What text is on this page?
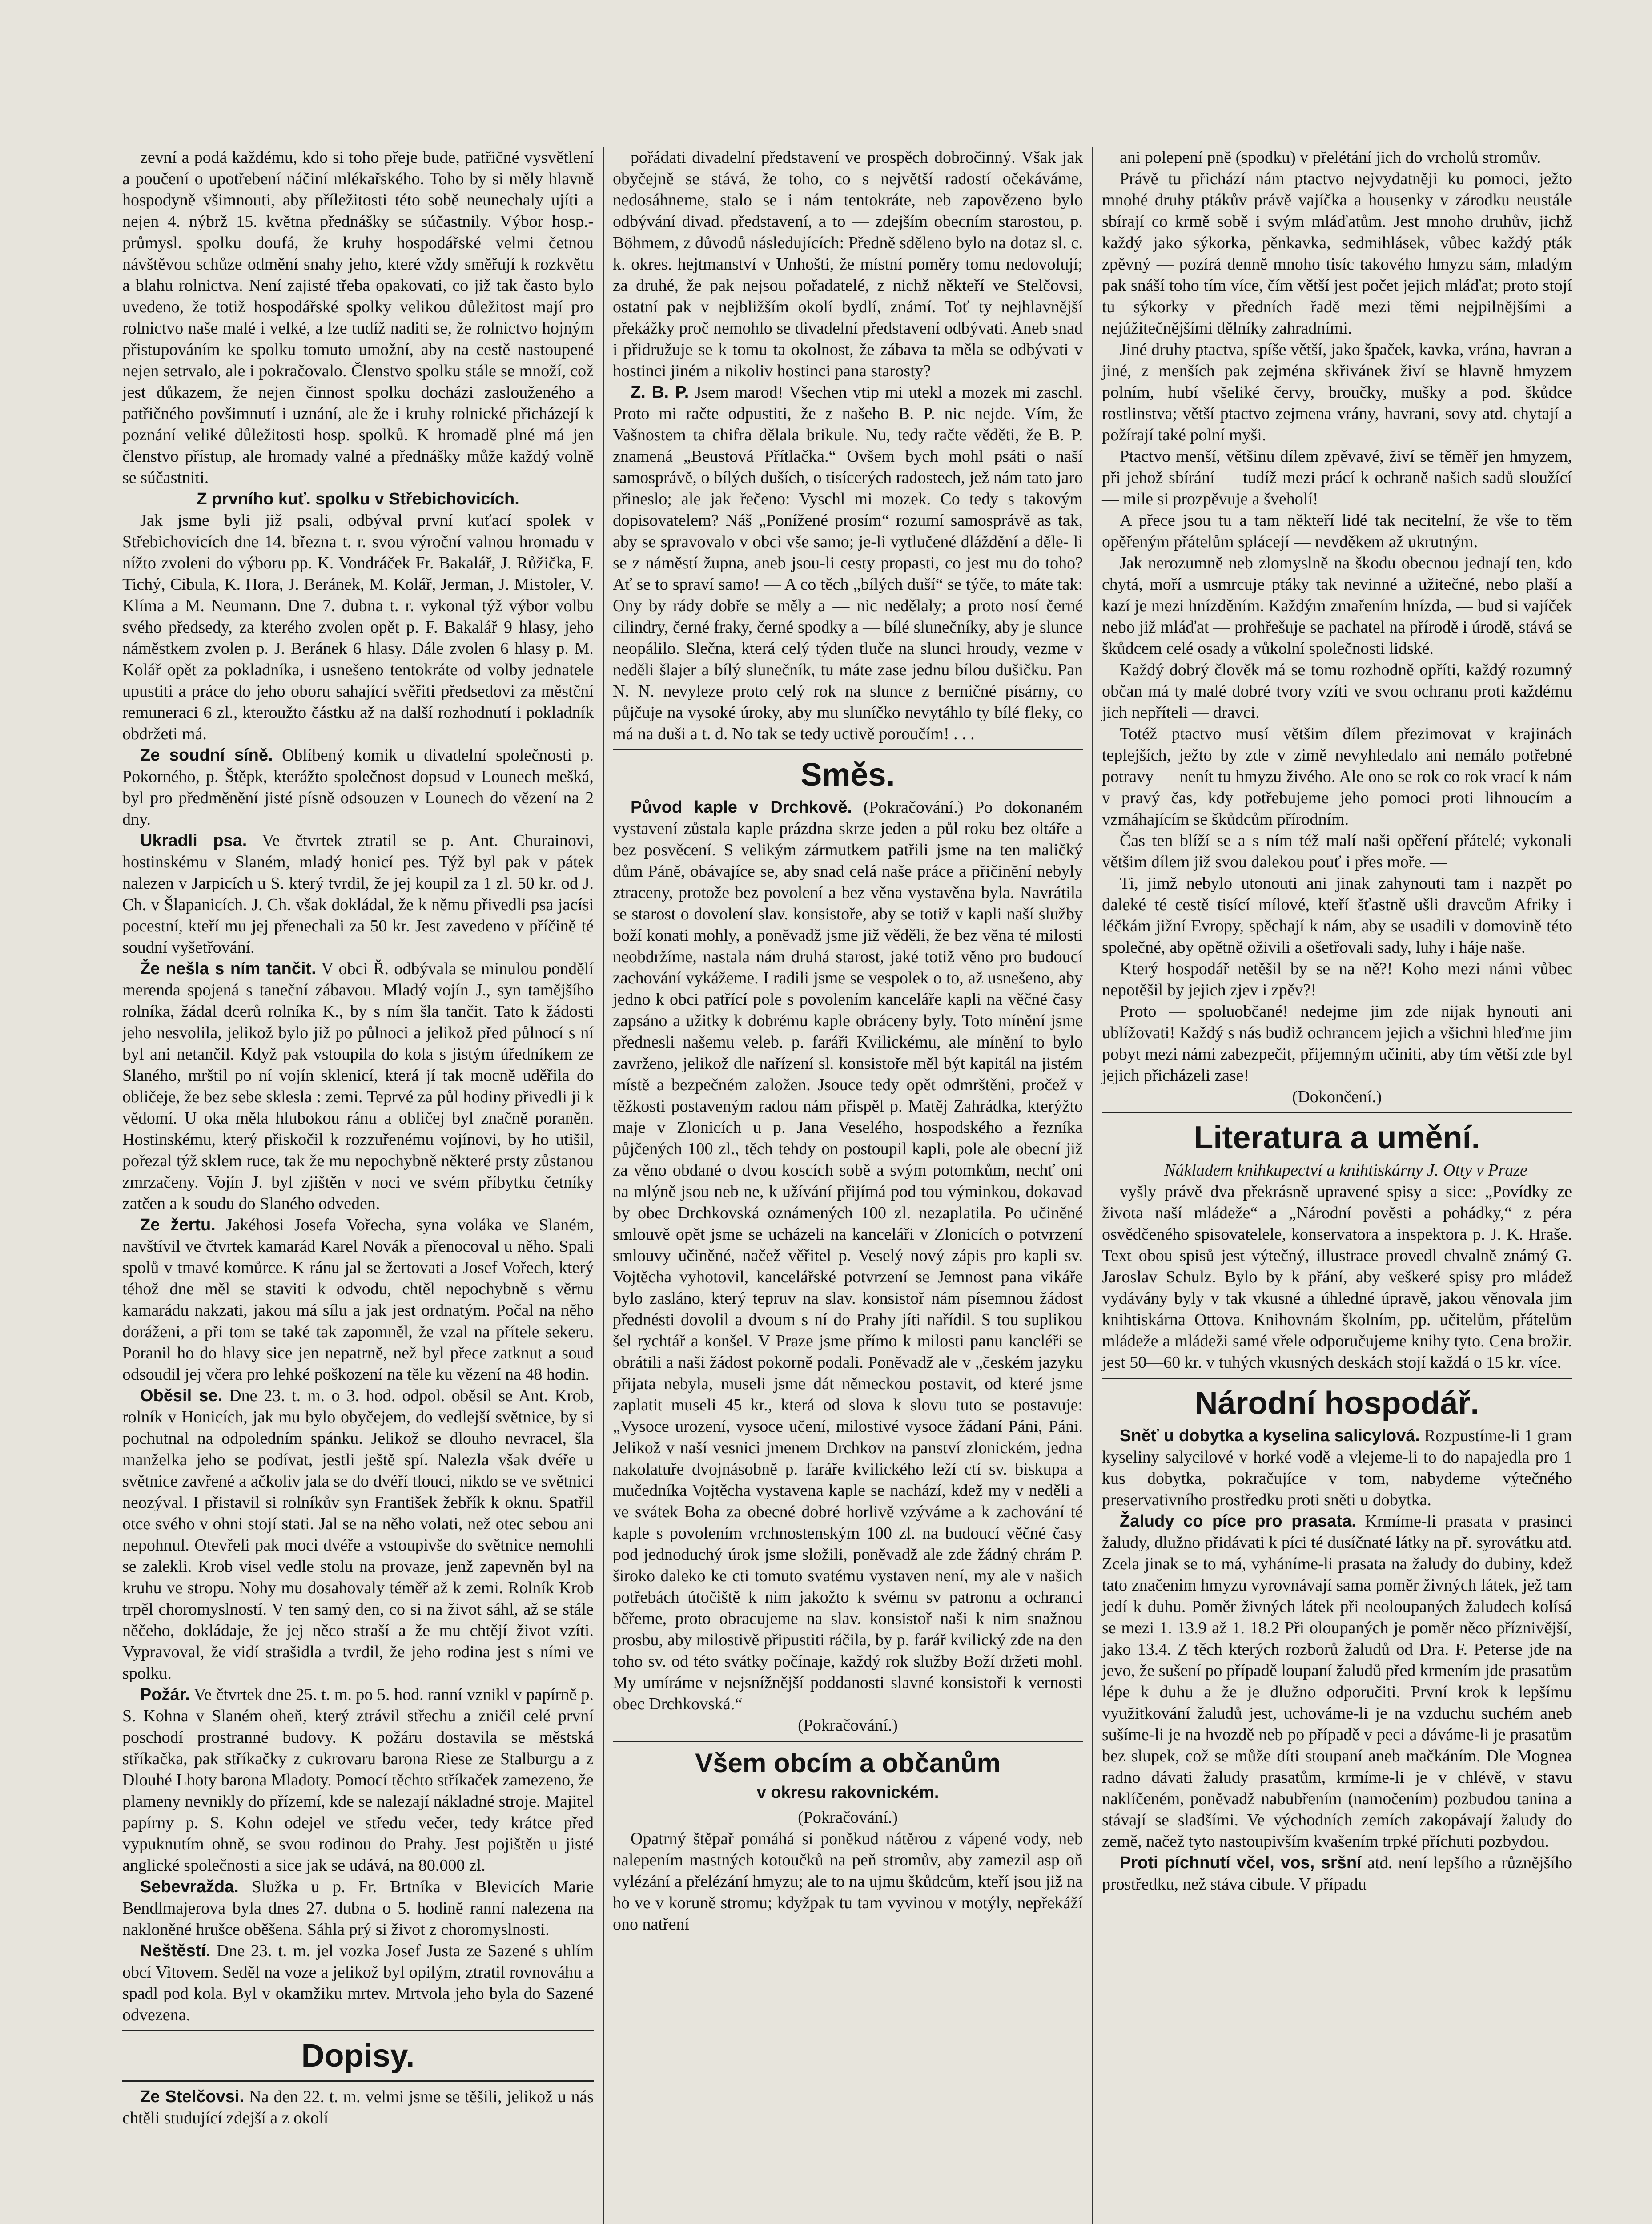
zevní a podá každému, kdo si toho přeje bude, patřičné vysvětlení a poučení o upotřebení náčiní mlékařského. Toho by si měly hlavně hospodyně všimnouti, aby příležitosti této sobě neunechaly ujíti a nejen 4. nýbrž 15. května přednášky se súčastnily. Výbor hosp.-průmysl. spolku doufá, že kruhy hospodářské velmi četnou návštěvou schůze odmění snahy jeho, které vždy směřují k rozkvětu a blahu rolnictva. Není zajisté třeba opakovati, co již tak často bylo uvedeno, že totiž hospodářské spolky velikou důležitost mají pro rolnictvo naše malé i velké, a lze tudíž naditi se, že rolnictvo hojným přistupováním ke spolku tomuto umožní, aby na cestě nastoupené nejen setrvalo, ale i pokračovalo. Členstvo spolku stále se množí, což jest důkazem, že nejen činnost spolku docházi zaslouženého a patřičného povšimnutí i uznání, ale že i kruhy rolnické přicházejí k poznání veliké důležitosti hosp. spolků. K hromadě plné má jen členstvo přístup, ale hromady valné a přednášky může každý volně se súčastniti.

Z prvního kuť. spolku v Střebichovicích.

Jak jsme byli již psali, odbýval první kuťací spolek v Střebichovicích dne 14. března t. r. svou výroční valnou hromadu v nížto zvoleni do výboru pp. K. Vondráček Fr. Bakalář, J. Růžička, F. Tichý, Cibula, K. Hora, J. Beránek, M. Kolář, Jerman, J. Mistoler, V. Klíma a M. Neumann. Dne 7. dubna t. r. vykonal týž výbor volbu svého předsedy, za kterého zvolen opět p. F. Bakalář 9 hlasy, jeho náměstkem zvolen p. J. Beránek 6 hlasy. Dále zvolen 6 hlasy p. M. Kolář opět za pokladníka, i usnešeno tentokráte od volby jednatele upustiti a práce do jeho oboru sahající svěřiti předsedovi za městční remuneraci 6 zl., kteroužto částku až na další rozhodnutí i pokladník obdržeti má.

Ze soudní síně. Oblíbený komik u divadelní společnosti p. Pokorného, p. Štěpk, kterážto společnost dopsud v Lounech mešká, byl pro předměnění jisté písně odsouzen v Lounech do vězení na 2 dny.

Ukradli psa. Ve čtvrtek ztratil se p. Ant. Churainovi, hostinskému v Slaném, mladý honicí pes. Týž byl pak v pátek nalezen v Jarpicích u S. který tvrdil, že jej koupil za 1 zl. 50 kr. od J. Ch. v Šlapanicích. J. Ch. však dokládal, že k němu přivedli psa jacísi pocestní, kteří mu jej přenechali za 50 kr. Jest zavedeno v příčině té soudní vyšetřování.

Že nešla s ním tančit. V obci Ř. odbývala se minulou pondělí merenda spojená s taneční zábavou. Mladý vojín J., syn tamějšího rolníka, žádal dcerů rolníka K., by s ním šla tančit. Tato k žádosti jeho nesvolila, jelikož bylo již po půlnoci a jelikož před půlnocí s ní byl ani netančil. Když pak vstoupila do kola s jistým úředníkem ze Slaného, mrštil po ní vojín sklenicí, která jí tak mocně uděřila do obličeje, že bez sebe sklesla : zemi. Teprvé za půl hodiny přivedli ji k vědomí. U oka měla hlubokou ránu a obličej byl značně poraněn. Hostinskému, který přiskočil k rozzuřenému vojínovi, by ho utišil, pořezal týž sklem ruce, tak že mu nepochybně některé prsty zůstanou zmrzačeny. Vojín J. byl zjištěn v noci ve svém příbytku četníky zatčen a k soudu do Slaného odveden.

Ze žertu. Jakéhosi Josefa Vořecha, syna voláka ve Slaném, navštívil ve čtvrtek kamarád Karel Novák a přenocoval u něho. Spali spolů v tmavé komůrce. K ránu jal se žertovati a Josef Vořech, který téhož dne měl se staviti k odvodu, chtěl nepochybně s věrnu kamarádu nakzati, jakou má sílu a jak jest ordnatým. Počal na něho doráženi, a při tom se také tak zapomněl, že vzal na přítele sekeru. Poranil ho do hlavy sice jen nepatrně, než byl přece zatknut a soud odsoudil jej včera pro lehké poškození na těle ku vězení na 48 hodin.

Oběsil se. Dne 23. t. m. o 3. hod. odpol. oběsil se Ant. Krob, rolník v Honicích, jak mu bylo obyčejem, do vedlejší světnice, by si pochutnal na odpoledním spánku. Jelikož se dlouho nevracel, šla manželka jeho se podívat, jestli ještě spí. Nalezla však dvéře u světnice zavřené a ačkoliv jala se do dvéří tlouci, nikdo se ve světnici neozýval. I přistavil si rolníkův syn František žebřík k oknu. Spatřil otce svého v ohni stojí stati. Jal se na něho volati, než otec sebou ani nepohnul. Otevřeli pak moci dvéře a vstoupivše do světnice nemohli se zalekli. Krob visel vedle stolu na provaze, jenž zapevněn byl na kruhu ve stropu. Nohy mu dosahovaly téměř až k zemi. Rolník Krob trpěl choromyslností. V ten samý den, co si na život sáhl, až se stále něčeho, dokládaje, že jej něco straší a že mu chtějí život vzíti. Vypravoval, že vidí strašidla a tvrdil, že jeho rodina jest s ními ve spolku.

Požár. Ve čtvrtek dne 25. t. m. po 5. hod. ranní vznikl v papírně p. S. Kohna v Slaném oheň, který ztrávil střechu a zničil celé první poschodí prostranné budovy. K požáru dostavila se městská stříkačka, pak stříkačky z cukrovaru barona Riese ze Stalburgu a z Dlouhé Lhoty barona Mladoty. Pomocí těchto stříkaček zamezeno, že plameny nevnikly do přízemí, kde se nalezají nákladné stroje. Majitel papírny p. S. Kohn odejel ve středu večer, tedy krátce před vypuknutím ohně, se svou rodinou do Prahy. Jest pojištěn u jisté anglické společnosti a sice jak se udává, na 80.000 zl.

Sebevražda. Služka u p. Fr. Brtníka v Blevicích Marie Bendlmajerova byla dnes 27. dubna o 5. hodině ranní nalezena na nakloněné hrušce oběšena. Sáhla prý si život z choromyslnosti.

Neštěstí. Dne 23. t. m. jel vozka Josef Justa ze Sazené s uhlím obcí Vitovem. Seděl na voze a jelikož byl opilým, ztratil rovnováhu a spadl pod kola. Byl v okamžiku mrtev. Mrtvola jeho byla do Sazené odvezena.

Dopisy.

Ze Stelčovsi. Na den 22. t. m. velmi jsme se těšili, jelikož u nás chtěli studující zdejší a z okolí

pořádati divadelní představení ve prospěch dobročinný. Však jak obyčejně se stává, že toho, co s největší radostí očekáváme, nedosáhneme, stalo se i nám tentokráte, neb zapovězeno bylo odbývání divad. představení, a to — zdejším obecním starostou, p. Böhmem, z důvodů následujících: Předně sděleno bylo na dotaz sl. c. k. okres. hejtmanství v Unhošti, že místní poměry tomu nedovolují; za druhé, že pak nejsou pořadatelé, z nichž někteří ve Stelčovsi, ostatní pak v nejbližším okolí bydlí, známí. Toť ty nejhlavnější překážky proč nemohlo se divadelní představení odbývati. Aneb snad i přidružuje se k tomu ta okolnost, že zábava ta měla se odbývati v hostinci jiném a nikoliv hostinci pana starosty?

Z. B. P. Jsem marod! Všechen vtip mi utekl a mozek mi zaschl. Proto mi račte odpustiti, že z našeho B. P. nic nejde. Vím, že Vašnostem ta chifra dělala brikule. Nu, tedy račte věděti, že B. P. znamená „Beustová Přítlačka.“ Ovšem bych mohl psáti o naší samosprávě, o bílých duších, o tisícerých radostech, jež nám tato jaro přineslo; ale jak řečeno: Vyschl mi mozek. Co tedy s takovým dopisovatelem? Náš „Ponížené prosím“ rozumí samosprávě as tak, aby se spravovalo v obci vše samo; je-li vytlučené dláždění a děle- li se z náměstí župna, aneb jsou-li cesty propasti, co jest mu do toho? Ať se to spraví samo! — A co těch „bílých duší“ se týče, to máte tak: Ony by rády dobře se měly a — nic nedělaly; a proto nosí černé cilindry, černé fraky, černé spodky a — bílé slunečníky, aby je slunce neopálilo. Slečna, která celý týden tluče na slunci hroudy, vezme v neděli šlajer a bílý slunečník, tu máte zase jednu bílou dušičku. Pan N. N. nevyleze proto celý rok na slunce z berničné písárny, co půjčuje na vysoké úroky, aby mu sluníčko nevytáhlo ty bílé fleky, co má na duši a t. d. No tak se tedy uctivě poroučím! . . .

Směs.

Původ kaple v Drchkově. (Pokračování.) Po dokonaném vystavení zůstala kaple prázdna skrze jeden a půl roku bez oltáře a bez posvěcení. S velikým zármutkem patřili jsme na ten maličký dům Páně, obávajíce se, aby snad celá naše práce a přičinění nebyly ztraceny, protože bez povolení a bez věna vystavěna byla. Navrátila se starost o dovolení slav. konsistoře, aby se totiž v kapli naší služby boží konati mohly, a poněvadž jsme již věděli, že bez věna té milosti neobdržíme, nastala nám druhá starost, jaké totiž věno pro budoucí zachování vykážeme. I radili jsme se vespolek o to, až usnešeno, aby jedno k obci patřící pole s povolením kanceláře kapli na věčné časy zapsáno a užitky k dobrému kaple obráceny byly. Toto mínění jsme přednesli našemu veleb. p. faráři Kvilickému, ale mínění to bylo zavrženo, jelikož dle nařízení sl. konsistoře měl být kapitál na jistém místě a bezpečném založen. Jsouce tedy opět odmrštěni, pročež v těžkosti postaveným radou nám přispěl p. Matěj Zahrádka, kterýžto maje v Zlonicích u p. Jana Veselého, hospodského a řezníka půjčených 100 zl., těch tehdy on postoupil kapli, pole ale obecní již za věno obdané o dvou koscích sobě a svým potomkům, nechť oni na mlýně jsou neb ne, k užívání přijímá pod tou výminkou, dokavad by obec Drchkovská oznámených 100 zl. nezaplatila. Po učiněné smlouvě opět jsme se ucházeli na kanceláři v Zlonicích o potvrzení smlouvy učiněné, načež věřitel p. Veselý nový zápis pro kapli sv. Vojtěcha vyhotovil, kancelářské potvrzení se Jemnost pana vikáře bylo zasláno, který tepruv na slav. konsistoř nám písemnou žádost přednésti dovolil a dvoum s ní do Prahy jíti nařídil. S tou suplikou šel rychtář a konšel. V Praze jsme přímo k milosti panu kancléři se obrátili a naši žádost pokorně podali. Poněvadž ale v „českém jazyku přijata nebyla, museli jsme dát německou postavit, od které jsme zaplatit museli 45 kr., která od slova k slovu tuto se postavuje: „Vysoce urození, vysoce učení, milostivé vysoce žádaní Páni, Páni. Jelikož v naší vesnici jmenem Drchkov na panství zlonickém, jedna nakolatuře dvojnásobně p. faráře kvilického leží ctí sv. biskupa a mučedníka Vojtěcha vystavena kaple se nachází, kdež my v neděli a ve svátek Boha za obecné dobré horlivě vzýváme a k zachování té kaple s povolením vrchnostenským 100 zl. na budoucí věčné časy pod jednoduchý úrok jsme složili, poněvadž ale zde žádný chrám P. široko daleko ke cti tomuto svatému vystaven není, my ale v našich potřebách útočiště k nim jakožto k svému sv patronu a ochranci běřeme, proto obracujeme na slav. konsistoř naši k nim snažnou prosbu, aby milostivě připustiti ráčila, by p. farář kvilický zde na den toho sv. od této svátky počínaje, každý rok služby Boží držeti mohl. My umíráme v nejsnížnější poddanosti slavné konsistoři k vernosti obec Drchkovská.“

(Pokračování.)

Všem obcím a občanům
v okresu rakovnickém.

(Pokračování.)

Opatrný štěpař pomáhá si poněkud nátěrou z vápené vody, neb nalepením mastných kotoučků na peň stromův, aby zamezil asp oň vylézání a přelézání hmyzu; ale to na ujmu škůdcům, kteří jsou již na ho ve v koruně stromu; kdyžpak tu tam vyvinou v motýly, nepřekáží ono natření

ani polepení pně (spodku) v přelétání jich do vrcholů stromův.

Právě tu přichází nám ptactvo nejvydatněji ku pomoci, ježto mnohé druhy ptákův právě vajíčka a housenky v zárodku neustále sbírají co krmě sobě i svým mláďatům. Jest mnoho druhův, jichž každý jako sýkorka, pěnkavka, sedmihlásek, vůbec každý pták zpěvný — pozírá denně mnoho tisíc takového hmyzu sám, mladým pak snáší toho tím více, čím větší jest počet jejich mláďat; proto stojí tu sýkorky v předních řadě mezi těmi nejpilnějšími a nejúžitečnějšími dělníky zahradními.

Jiné druhy ptactva, spíše větší, jako špaček, kavka, vrána, havran a jiné, z menších pak zejména skřivánek živí se hlavně hmyzem polním, hubí všeliké červy, broučky, mušky a pod. škůdce rostlinstva; větší ptactvo zejmena vrány, havrani, sovy atd. chytají a požírají také polní myši.

Ptactvo menší, většinu dílem zpěvavé, živí se těměř jen hmyzem, při jehož sbírání — tudíž mezi prácí k ochraně našich sadů sloužící — mile si prozpěvuje a šveholí!

A přece jsou tu a tam někteří lidé tak necitelní, že vše to těm opěřeným přátelům splácejí — nevděkem až ukrutným.

Jak nerozumně neb zlomyslně na škodu obecnou jednají ten, kdo chytá, moří a usmrcuje ptáky tak nevinné a užitečné, nebo plaší a kazí je mezi hnízděním. Každým zmařením hnízda, — bud si vajíček nebo již mláďat — prohřešuje se pachatel na přírodě i úrodě, stává se škůdcem celé osady a vůkolní společnosti lidské.

Každý dobrý člověk má se tomu rozhodně opříti, každý rozumný občan má ty malé dobré tvory vzíti ve svou ochranu proti každému jich nepříteli — dravci.

Totéž ptactvo musí většim dílem přezimovat v krajinách teplejších, ježto by zde v zimě nevyhledalo ani nemálo potřebné potravy — nenít tu hmyzu živého. Ale ono se rok co rok vrací k nám v pravý čas, kdy potřebujeme jeho pomoci proti lihnoucím a vzmáhajícím se škůdcům přírodním.

Čas ten blíží se a s ním též malí naši opěření přátelé; vykonali většim dílem již svou dalekou pouť i přes moře. —

Ti, jimž nebylo utonouti ani jinak zahynouti tam i nazpět po daleké té cestě tisící mílové, kteří šťastně ušli dravcům Afriky i léčkám jižní Evropy, spěchají k nám, aby se usadili v domovině této společné, aby opětně oživili a ošetřovali sady, luhy i háje naše.

Který hospodář netěšil by se na ně?! Koho mezi námi vůbec nepotěšil by jejich zjev i zpěv?!

Proto — spoluobčané! nedejme jim zde nijak hynouti ani ublížovati! Každý s nás budiž ochrancem jejich a všichni hleďme jim pobyt mezi námi zabezpečit, přijemným učiniti, aby tím větší zde byl jejich přicházeli zase!

(Dokončení.)

Literatura a umění.

Nákladem knihkupectví a knihtiskárny J. Otty v Praze

vyšly právě dva překrásně upravené spisy a sice: „Povídky ze života naší mládeže“ a „Národní pověsti a pohádky,“ z péra osvědčeného spisovatelele, konservatora a inspektora p. J. K. Hraše. Text obou spisů jest výtečný, illustrace provedl chvalně známý G. Jaroslav Schulz. Bylo by k přání, aby veškeré spisy pro mládež vydávány byly v tak vkusné a úhledné úpravě, jakou věnovala jim knihtiskárna Ottova. Knihovnám školním, pp. učitelům, přátelům mládeže a mládeži samé vřele odporučujeme knihy tyto. Cena brožir. jest 50—60 kr. v tuhých vkusných deskách stojí každá o 15 kr. více.

Národní hospodář.

Sněť u dobytka a kyselina salicylová. Rozpustíme-li 1 gram kyseliny salycilové v horké vodě a vlejeme-li to do napajedla pro 1 kus dobytka, pokračujíce v tom, nabydeme výtečného preservativního prostředku proti sněti u dobytka.

Žaludy co píce pro prasata. Krmíme-li prasata v prasinci žaludy, dlužno přidávati k píci té dusíčnaté látky na př. syrovátku atd. Zcela jinak se to má, vyháníme-li prasata na žaludy do dubiny, kdež tato značenim hmyzu vyrovnávají sama poměr živných látek, jež tam jedí k duhu. Poměr živných látek při neoloupaných žaludech kolísá se mezi 1. 13.9 až 1. 18.2 Při oloupaných je poměr něco příznivější, jako 13.4. Z těch kterých rozborů žaludů od Dra. F. Peterse jde na jevo, že sušení po případě loupaní žaludů před krmením jde prasatům lépe k duhu a že je dlužno odporučiti. První krok k lepšímu využitkování žaludů jest, uchováme-li je na vzduchu suchém aneb sušíme-li je na hvozdě neb po případě v peci a dáváme-li je prasatům bez slupek, což se může díti stoupaní aneb mačkáním. Dle Mognea radno dávati žaludy prasatům, krmíme-li je v chlévě, v stavu naklíčeném, poněvadž nabubřením (namočením) pozbudou tanina a stávají se sladšími. Ve východních zemích zakopávají žaludy do země, načež tyto nastoupivším kvašením trpké příchuti pozbydou.

Proti píchnutí včel, vos, sršní atd. není lepšího a různějšího prostředku, než stáva cibule. V případu
